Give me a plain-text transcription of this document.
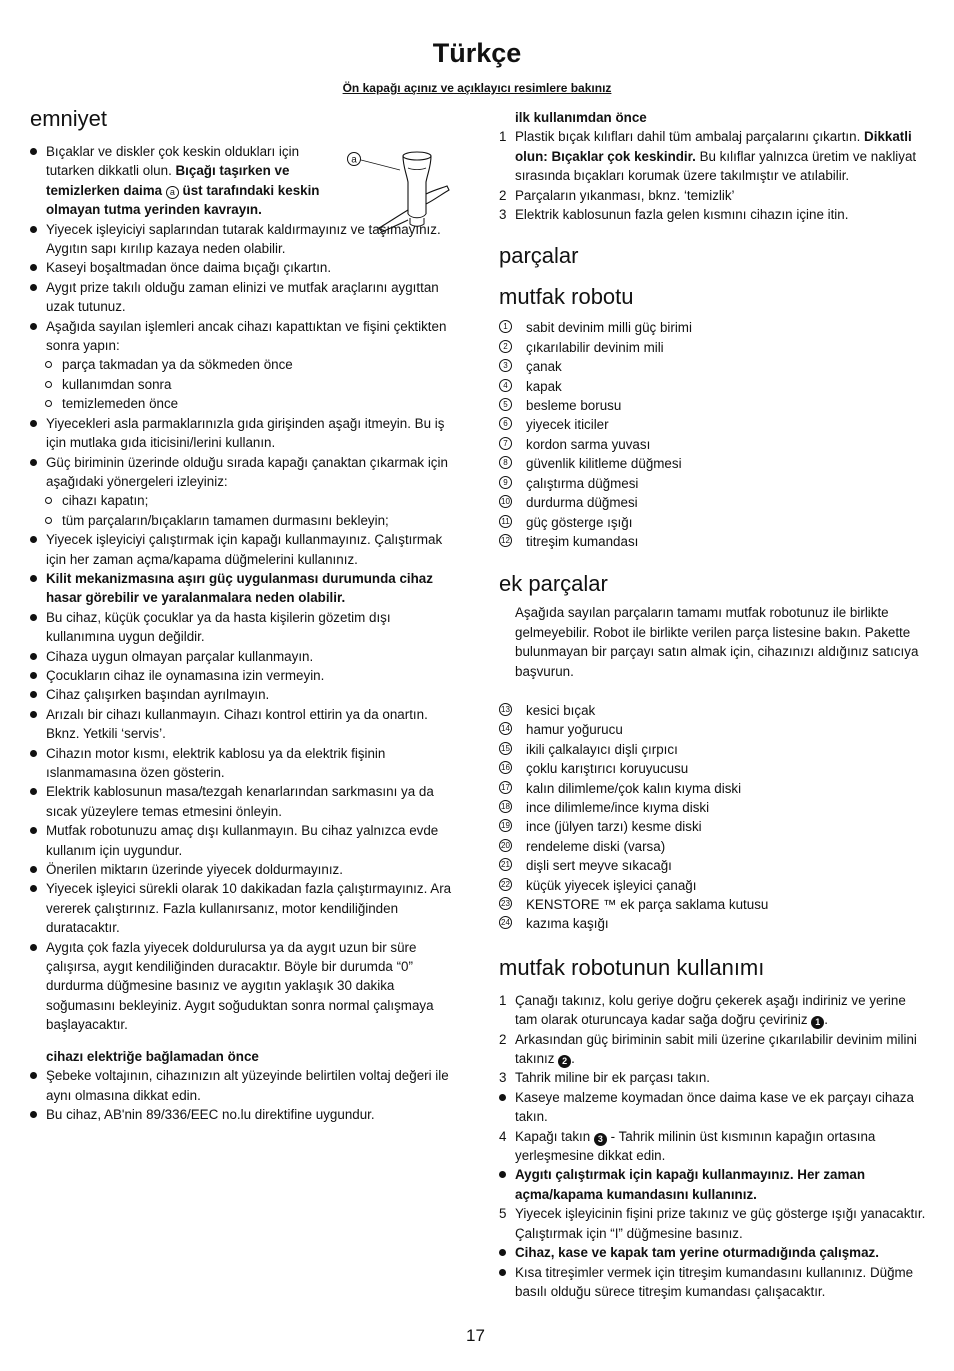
Türkçe
Ön kapağı açınız ve açıklayıcı resimlere bakınız
a
emniyet
Bıçaklar ve diskler çok keskin oldukları için tutarken dikkatli olun. Bıçağı taşırken ve temizlerken daima a üst tarafındaki keskin olmayan tutma yerinden kavrayın.
Yiyecek işleyiciyi saplarından tutarak kaldırmayınız ve taşımayınız. Aygıtın sapı kırılıp kazaya neden olabilir.
Kaseyi boşaltmadan önce daima bıçağı çıkartın.
Aygıt prize takılı olduğu zaman elinizi ve mutfak araçlarını aygıttan uzak tutunuz.
Aşağıda sayılan işlemleri ancak cihazı kapattıktan ve fişini çektikten sonra yapın:
parça takmadan ya da sökmeden önce
kullanımdan sonra
temizlemeden önce
Yiyecekleri asla parmaklarınızla gıda girişinden aşağı itmeyin. Bu iş için mutlaka gıda iticisini/lerini kullanın.
Güç biriminin üzerinde olduğu sırada kapağı çanaktan çıkarmak için aşağıdaki yönergeleri izleyiniz:
cihazı kapatın;
tüm parçaların/bıçakların tamamen durmasını bekleyin;
Yiyecek işleyiciyi çalıştırmak için kapağı kullanmayınız. Çalıştırmak için her zaman açma/kapama düğmelerini kullanınız.
Kilit mekanizmasına aşırı güç uygulanması durumunda cihaz hasar görebilir ve yaralanmalara neden olabilir.
Bu cihaz, küçük çocuklar ya da hasta kişilerin gözetim dışı kullanımına uygun değildir.
Cihaza uygun olmayan parçalar kullanmayın.
Çocukların cihaz ile oynamasına izin vermeyin.
Cihaz çalışırken başından ayrılmayın.
Arızalı bir cihazı kullanmayın. Cihazı kontrol ettirin ya da onartın. Bknz. Yetkili ‘servis’.
Cihazın motor kısmı, elektrik kablosu ya da elektrik fişinin ıslanmamasına özen gösterin.
Elektrik kablosunun masa/tezgah kenarlarından sarkmasını ya da sıcak yüzeylere temas etmesini önleyin.
Mutfak robotunuzu amaç dışı kullanmayın. Bu cihaz yalnızca evde kullanım için uygundur.
Önerilen miktarın üzerinde yiyecek doldurmayınız.
Yiyecek işleyici sürekli olarak 10 dakikadan fazla çalıştırmayınız. Ara vererek çalıştırınız. Fazla kullanırsanız, motor kendiliğinden duratacaktır.
Aygıta çok fazla yiyecek doldurulursa ya da aygıt uzun bir süre çalışırsa, aygıt kendiliğinden duracaktır. Böyle bir durumda “0” durdurma düğmesine basınız ve aygıtın yaklaşık 30 dakika soğumasını bekleyiniz. Aygıt soğuduktan sonra normal çalışmaya başlayacaktır.
cihazı elektriğe bağlamadan önce
Şebeke voltajının, cihazınızın alt yüzeyinde belirtilen voltaj değeri ile aynı olmasına dikkat edin.
Bu cihaz, AB'nin 89/336/EEC no.lu direktifine uygundur.
ilk kullanımdan önce
1 Plastik bıçak kılıfları dahil tüm ambalaj parçalarını çıkartın. Dikkatli olun: Bıçaklar çok keskindir. Bu kılıflar yalnızca üretim ve nakliyat sırasında bıçakları korumak üzere takılmıştır ve atılabilir.
2 Parçaların yıkanması, bknz. ‘temizlik’
3 Elektrik kablosunun fazla gelen kısmını cihazın içine itin.
parçalar
mutfak robotu
1	sabit devinim milli güç birimi
2	çıkarılabilir devinim mili
3	çanak
4	kapak
5	besleme borusu
6	yiyecek iticiler
7	kordon sarma yuvası
8	güvenlik kilitleme düğmesi
9	çalıştırma düğmesi
10 durdurma düğmesi
11 güç gösterge ışığı
12 titreşim kumandası
ek parçalar
Aşağıda sayılan parçaların tamamı mutfak robotunuz ile birlikte gelmeyebilir. Robot ile birlikte verilen parça listesine bakın. Pakette bulunmayan bir parçayı satın almak için, cihazınızı aldığınız satıcıya başvurun.
13 kesici bıçak
14 hamur yoğurucu
15 ikili çalkalayıcı dişli çırpıcı
16 çoklu karıştırıcı koruyucusu
17 kalın dilimleme/çok kalın kıyma diski
18 ince dilimleme/ince kıyma diski
19 ince (jülyen tarzı) kesme diski
20 rendeleme diski (varsa)
21 dişli sert meyve sıkacağı
22 küçük yiyecek işleyici çanağı
23 KENSTORE ™ ek parça saklama kutusu
24 kazıma kaşığı
mutfak robotunun kullanımı
1 Çanağı takınız, kolu geriye doğru çekerek aşağı indiriniz ve yerine tam olarak oturuncaya kadar sağa doğru çeviriniz 1 .
2 Arkasından güç biriminin sabit mili üzerine çıkarılabilir devinim milini takınız 2 .
3 Tahrik miline bir ek parçası takın.
Kaseye malzeme koymadan önce daima kase ve ek parçayı cihaza takın.
4 Kapağı takın 3 - Tahrik milinin üst kısmının kapağın ortasına yerleşmesine dikkat edin.
Aygıtı çalıştırmak için kapağı kullanmayınız. Her zaman açma/kapama kumandasını kullanınız.
5 Yiyecek işleyicinin fişini prize takınız ve güç gösterge ışığı yanacaktır. Çalıştırmak için “I” düğmesine basınız.
Cihaz, kase ve kapak tam yerine oturmadığında çalışmaz.
Kısa titreşimler vermek için titreşim kumandasını kullanınız. Düğme basılı olduğu sürece titreşim kumandası çalışacaktır.
17
